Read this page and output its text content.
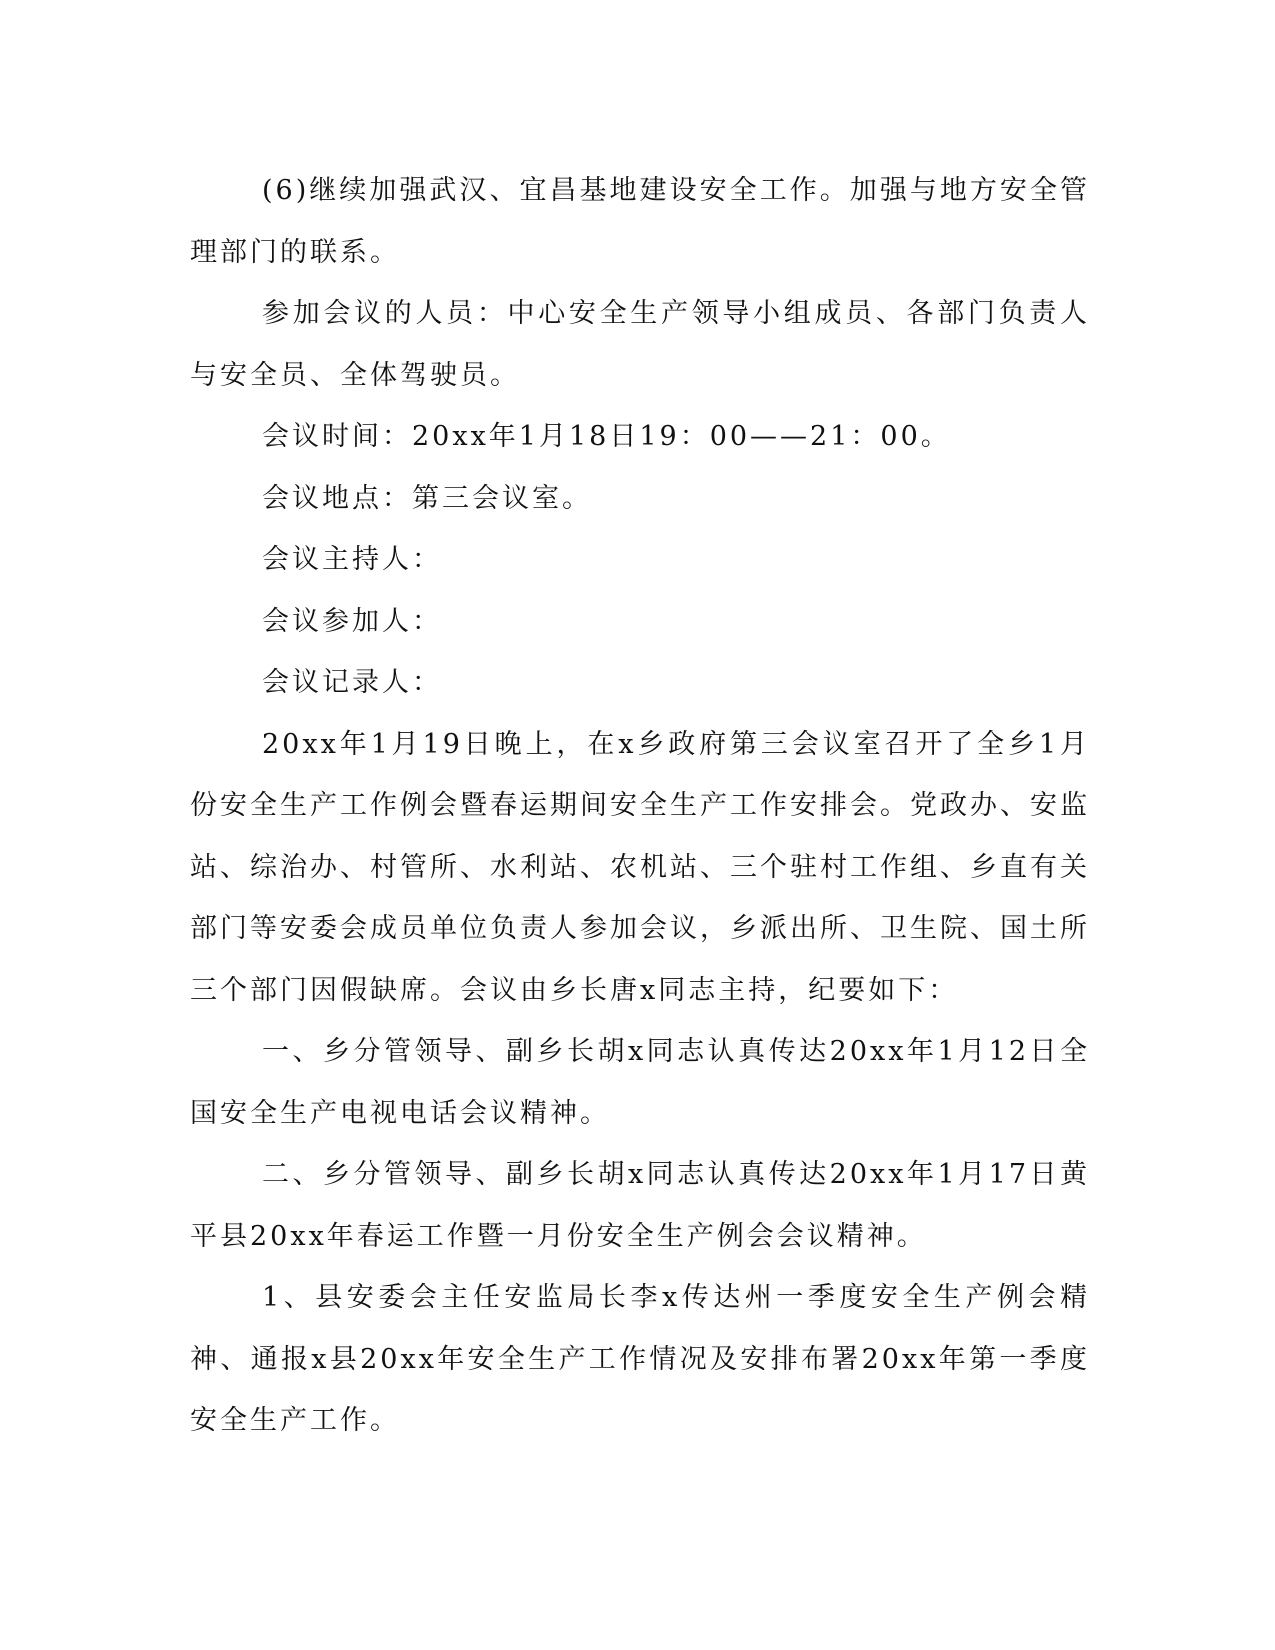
(6)继续加强武汉、宜昌基地建设安全工作。加强与地方安全管理部门的联系。

参加会议的人员：中心安全生产领导小组成员、各部门负责人与安全员、全体驾驶员。

会议时间：20xx年1月18日19：00——21：00。

会议地点：第三会议室。

会议主持人：

会议参加人：

会议记录人：

20xx年1月19日晚上，在x乡政府第三会议室召开了全乡1月份安全生产工作例会暨春运期间安全生产工作安排会。党政办、安监站、综治办、村管所、水利站、农机站、三个驻村工作组、乡直有关部门等安委会成员单位负责人参加会议，乡派出所、卫生院、国土所三个部门因假缺席。会议由乡长唐x同志主持，纪要如下：

一、乡分管领导、副乡长胡x同志认真传达20xx年1月12日全国安全生产电视电话会议精神。

二、乡分管领导、副乡长胡x同志认真传达20xx年1月17日黄平县20xx年春运工作暨一月份安全生产例会会议精神。

1、县安委会主任安监局长李x传达州一季度安全生产例会精神、通报x县20xx年安全生产工作情况及安排布署20xx年第一季度安全生产工作。
